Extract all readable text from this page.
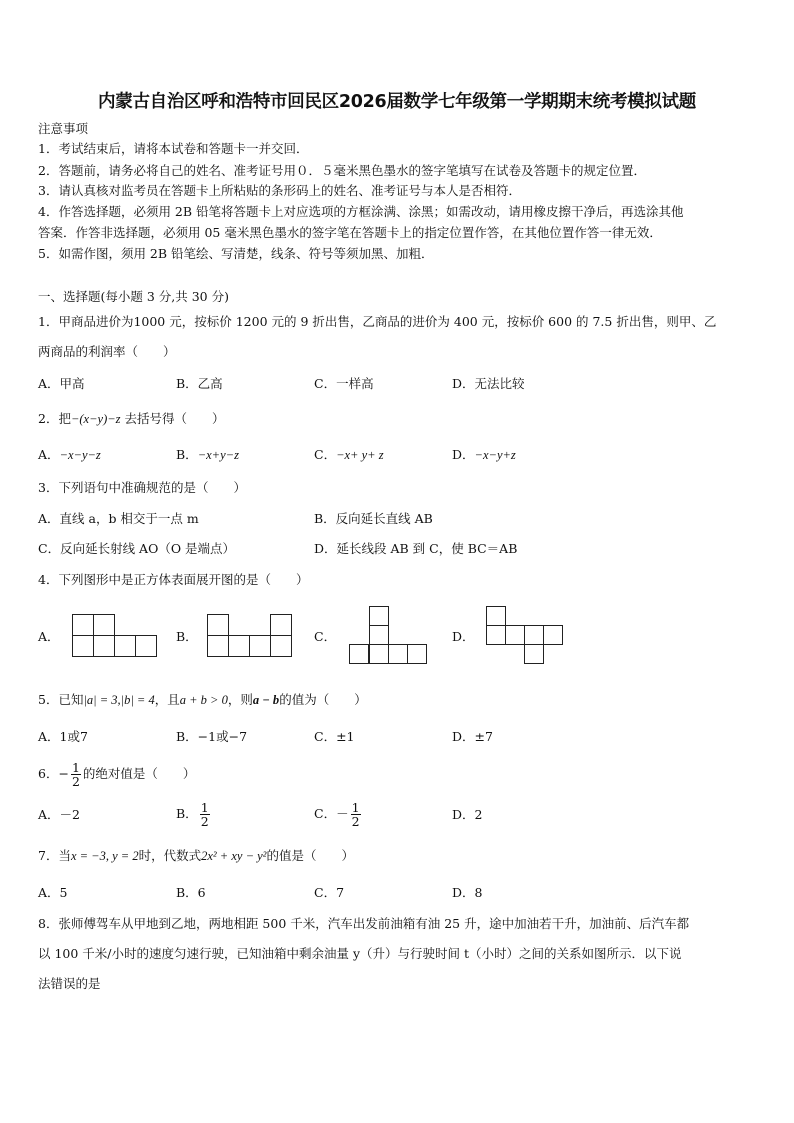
内蒙古自治区呼和浩特市回民区2026届数学七年级第一学期期末统考模拟试题
注意事项
1．考试结束后，请将本试卷和答题卡一并交回．
2．答题前，请务必将自己的姓名、准考证号用０．５毫米黑色墨水的签字笔填写在试卷及答题卡的规定位置．
3．请认真核对监考员在答题卡上所粘贴的条形码上的姓名、准考证号与本人是否相符．
4．作答选择题，必须用 2B 铅笔将答题卡上对应选项的方框涂满、涂黑；如需改动，请用橡皮擦干净后，再选涂其他
答案．作答非选择题，必须用 05 毫米黑色墨水的签字笔在答题卡上的指定位置作答，在其他位置作答一律无效．
5．如需作图，须用 2B 铅笔绘、写清楚，线条、符号等须加黑、加粗．
一、选择题(每小题 3 分,共 30 分)
1．甲商品进价为1000 元，按标价 1200 元的 9 折出售，乙商品的进价为 400 元，按标价 600 的 7.5 折出售，则甲、乙
两商品的利润率（　　）
A．甲高	B．乙高	C．一样高	D．无法比较
2．把−(x−y)−z 去括号得（　　）
A．−x−y−z	B．−x+y−z	C．−x+ y+ z	D．−x−y+z
3．下列语句中准确规范的是（　　）
A．直线 a，b 相交于一点 m	B．反向延长直线 AB
C．反向延长射线 AO（O 是端点）	D．延长线段 AB 到 C，使 BC＝AB
4．下列图形中是正方体表面展开图的是（　　）
A．	B．	C．	D．
5．已知|a| = 3,|b| = 4，且a + b > 0，则a − b的值为（　　）
A．1或7	B．−1或−7	C．±1	D．±7
6．− $\frac{1}{2}$ 的绝对值是（　　）
A．－2	B． $\frac{1}{2}$	C．－ $\frac{1}{2}$	D．2
7．当x = −3, y = 2时，代数式2x² + xy − y²的值是（　　）
A．5	B．6	C．7	D．8
8．张师傅驾车从甲地到乙地，两地相距 500 千米，汽车出发前油箱有油 25 升，途中加油若干升，加油前、后汽车都
以 100 千米/小时的速度匀速行驶，已知油箱中剩余油量 y（升）与行驶时间 t（小时）之间的关系如图所示．以下说
法错误的是
